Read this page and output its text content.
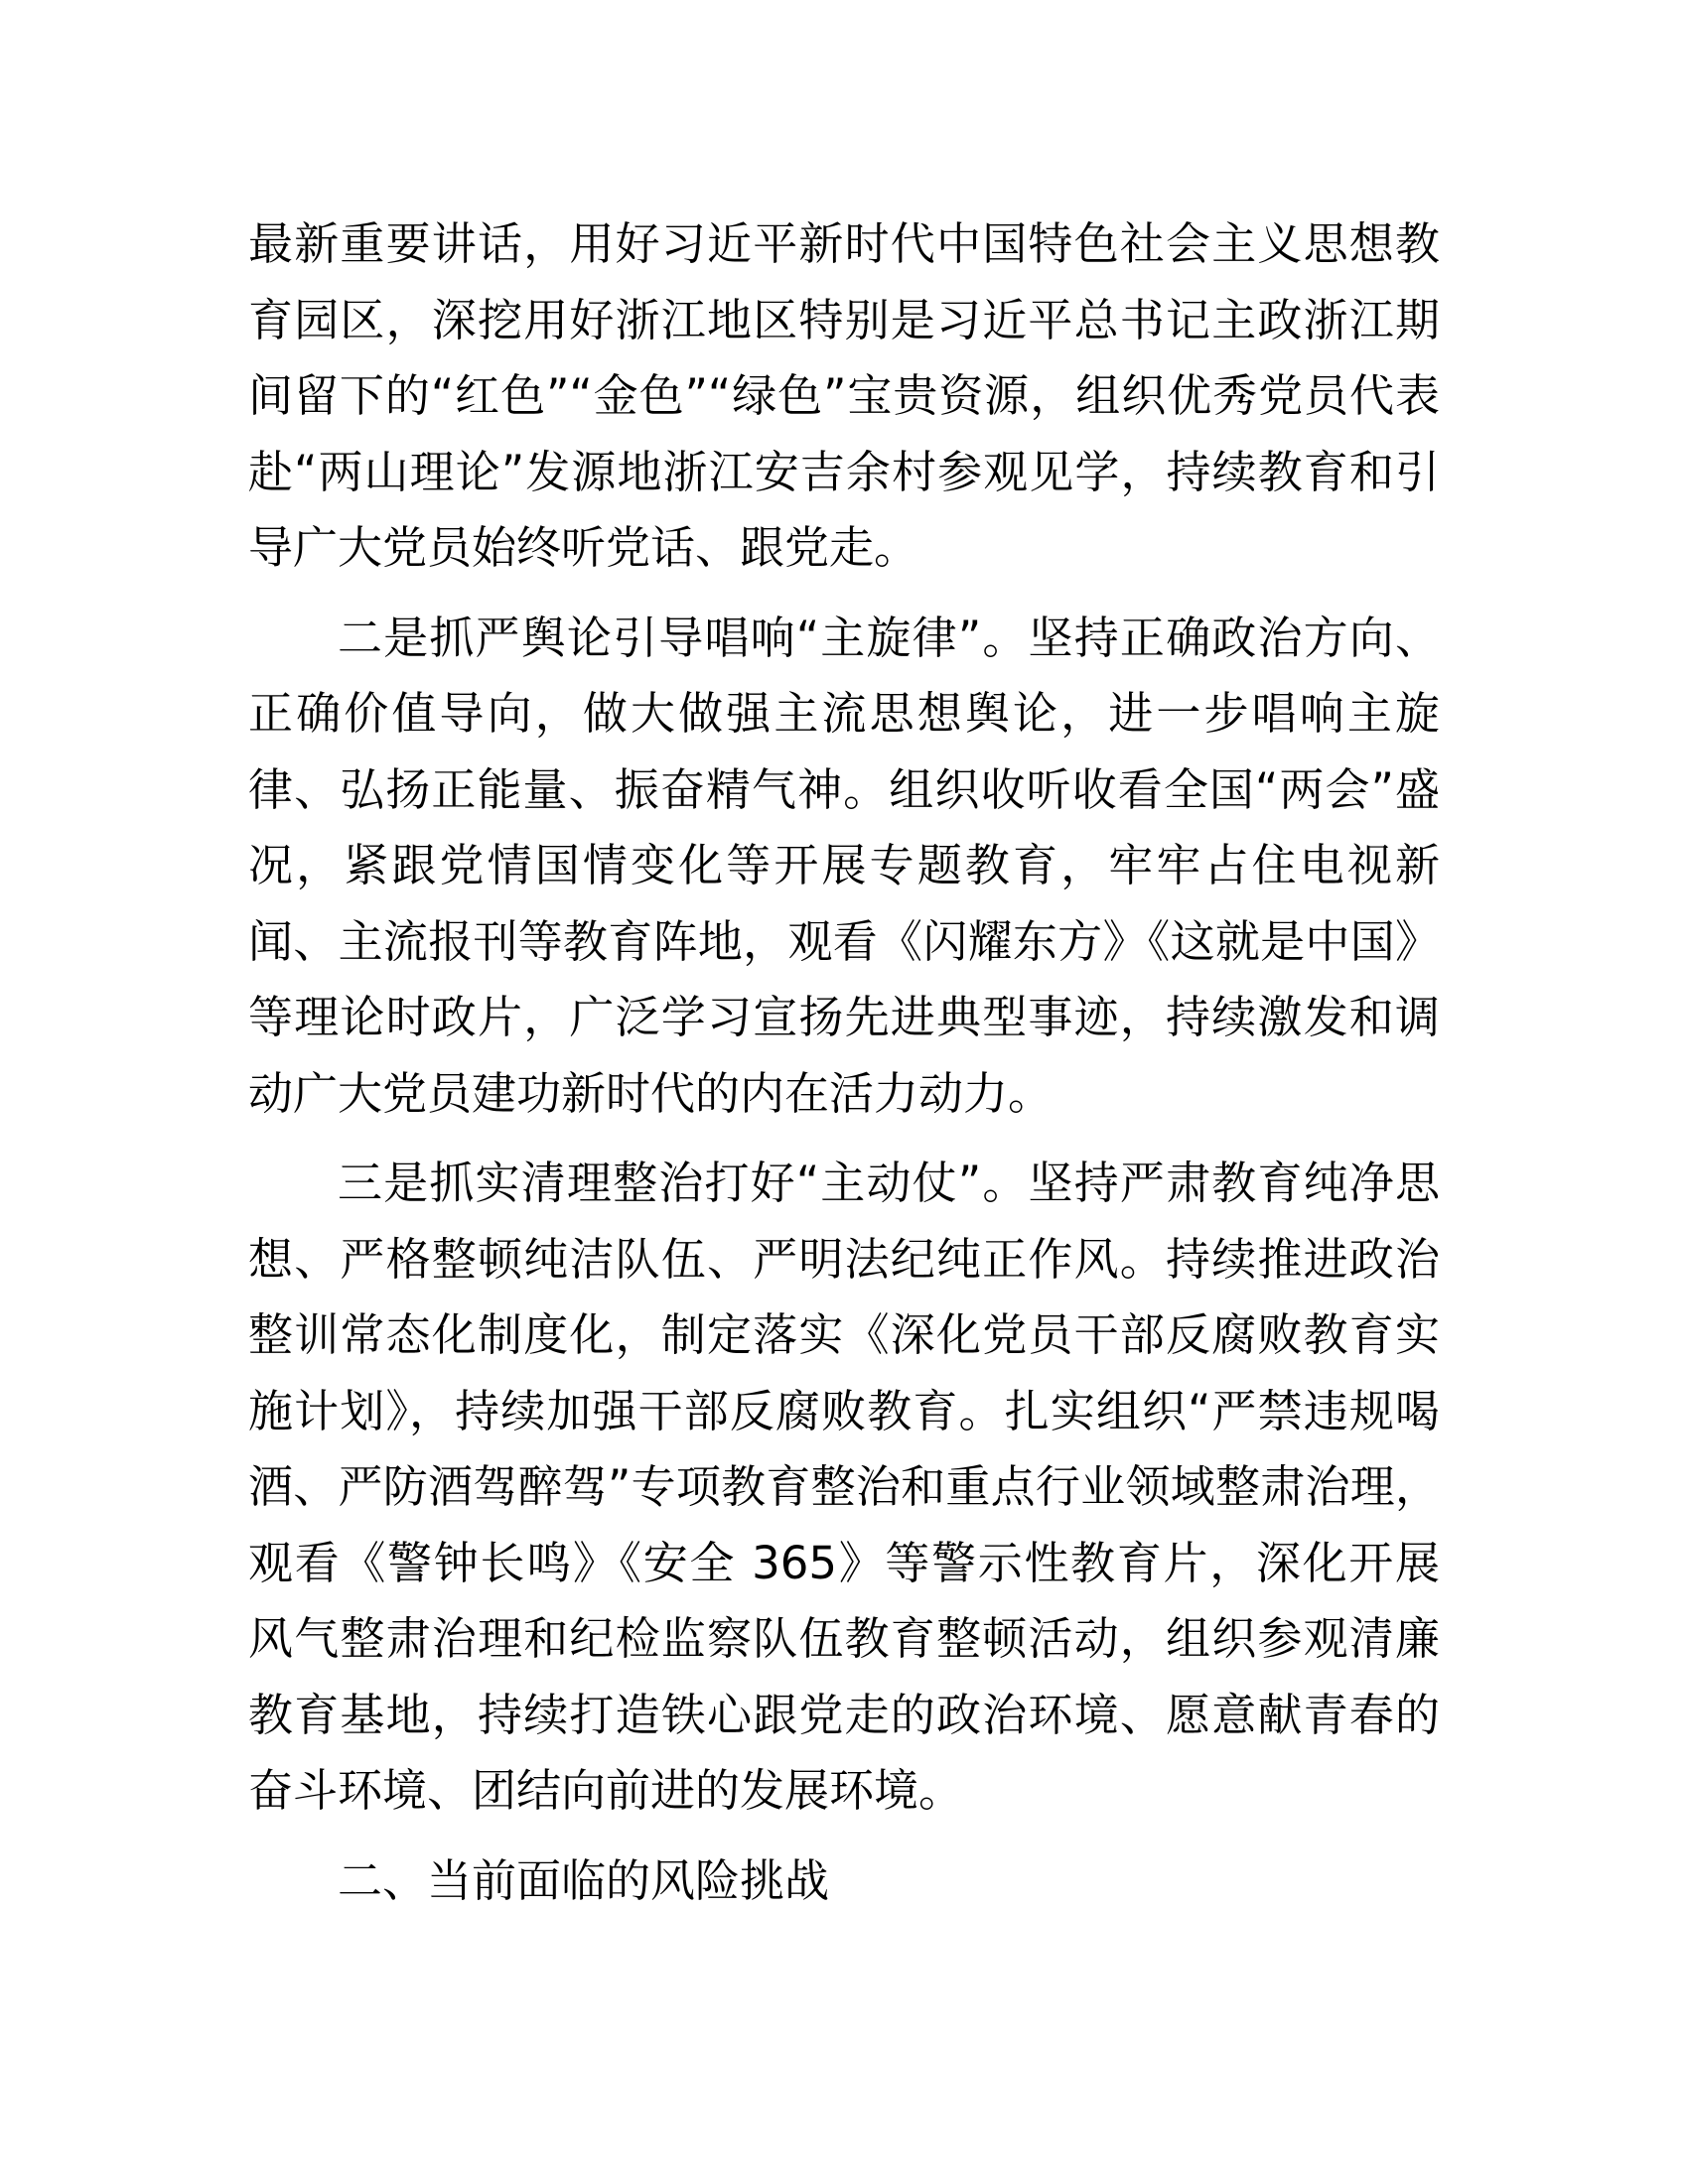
最新重要讲话，用好习近平新时代中国特色社会主义思想教育园区，深挖用好浙江地区特别是习近平总书记主政浙江期间留下的“红色”“金色”“绿色”宝贵资源，组织优秀党员代表赴“两山理论”发源地浙江安吉余村参观见学，持续教育和引导广大党员始终听党话、跟党走。

二是抓严舆论引导唱响“主旋律”。坚持正确政治方向、正确价值导向，做大做强主流思想舆论，进一步唱响主旋律、弘扬正能量、振奋精气神。组织收听收看全国“两会”盛况，紧跟党情国情变化等开展专题教育，牢牢占住电视新闻、主流报刊等教育阵地，观看《闪耀东方》《这就是中国》等理论时政片，广泛学习宣扬先进典型事迹，持续激发和调动广大党员建功新时代的内在活力动力。

三是抓实清理整治打好“主动仗”。坚持严肃教育纯净思想、严格整顿纯洁队伍、严明法纪纯正作风。持续推进政治整训常态化制度化，制定落实《深化党员干部反腐败教育实施计划》，持续加强干部反腐败教育。扎实组织“严禁违规喝酒、严防酒驾醉驾”专项教育整治和重点行业领域整肃治理，观看《警钟长鸣》《安全 365》等警示性教育片，深化开展风气整肃治理和纪检监察队伍教育整顿活动，组织参观清廉教育基地，持续打造铁心跟党走的政治环境、愿意献青春的奋斗环境、团结向前进的发展环境。

二、当前面临的风险挑战
